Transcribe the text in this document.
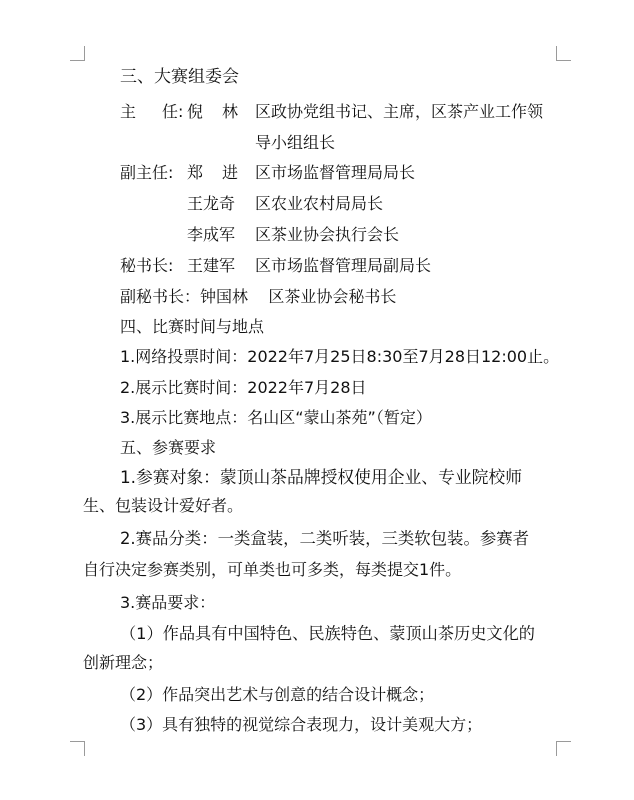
三、大赛组委会
主任: 倪林 区政协党组书记、主席，区茶产业工作领
导小组组长
副主任: 郑进 区市场监督管理局局长
王龙奇 区农业农村局局长
李成军 区茶业协会执行会长
秘书长: 王建军 区市场监督管理局副局长
副秘书长：钟国林    区茶业协会秘书长
四、比赛时间与地点
1.网络投票时间：2022年7月25日8:30至7月28日12:00止。
2.展示比赛时间：2022年7月28日
3.展示比赛地点：名山区“蒙山茶苑”（暂定）
五、参赛要求
1.参赛对象：蒙顶山茶品牌授权使用企业、专业院校师
生、包装设计爱好者。
2.赛品分类：一类盒装，二类听装，三类软包装。参赛者
自行决定参赛类别，可单类也可多类，每类提交1件。
3.赛品要求：
（1）作品具有中国特色、民族特色、蒙顶山茶历史文化的
创新理念；
（2）作品突出艺术与创意的结合设计概念；
（3）具有独特的视觉综合表现力，设计美观大方；
